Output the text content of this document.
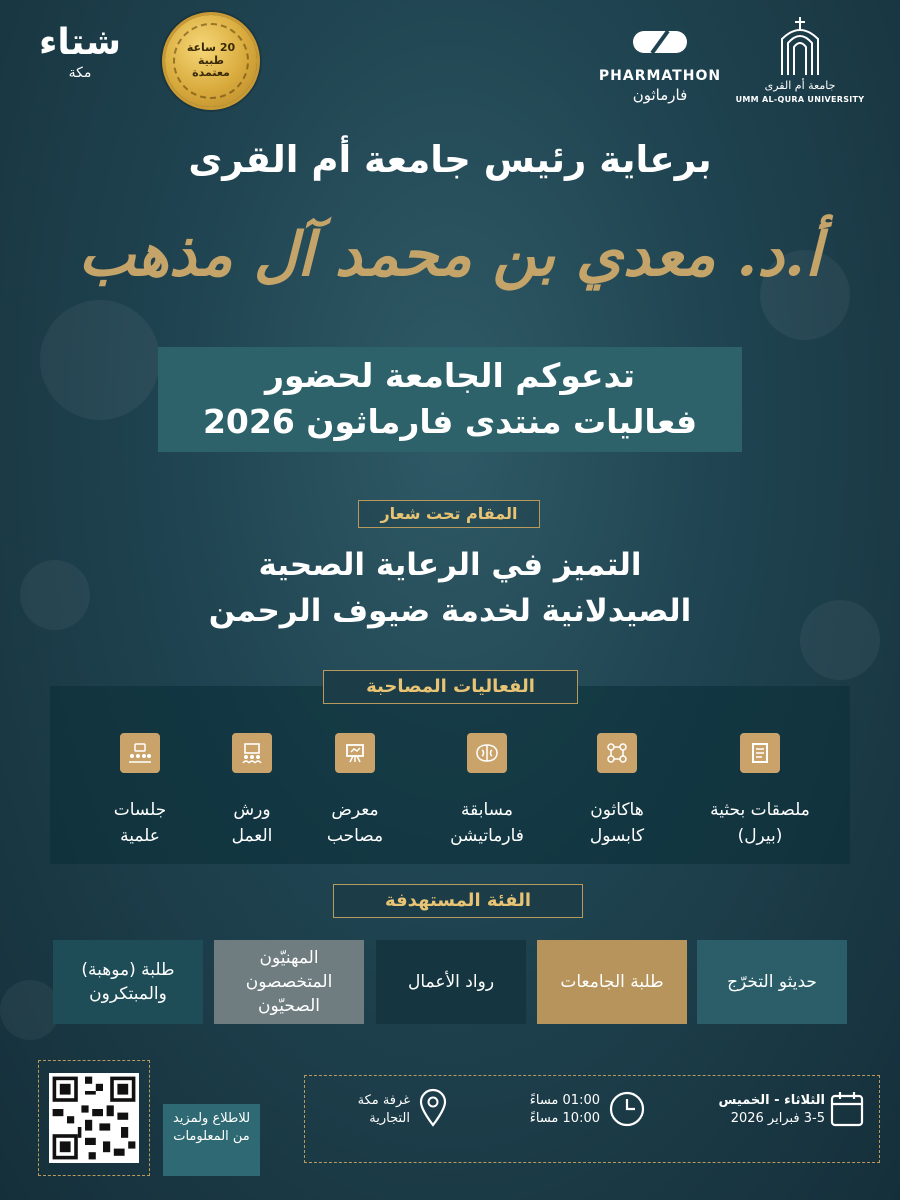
جامعة أم القرى
UMM AL-QURA UNIVERSITY
PHARMATHON
فارماثون
20 ساعة
طبية
معتمدة
شتاء
مكة
برعاية رئيس جامعة أم القرى
أ.د. معدي بن محمد آل مذهب
تدعوكم الجامعة لحضور
فعاليات منتدى فارماثون 2026
المقام تحت شعار
التميز في الرعاية الصحية
الصيدلانية لخدمة ضيوف الرحمن
الفعاليات المصاحبة
ملصقات بحثية
(بيرل)
هاكاثون
كابسول
مسابقة
فارماتيشن
معرض
مصاحب
ورش
العمل
جلسات
علمية
الفئة المستهدفة
حديثو التخرّج
طلبة الجامعات
رواد الأعمال
المهنيّون المتخصصون الصحيّون
طلبة (موهبة) والمبتكرون
للاطلاع ولمزيد من المعلومات
الثلاثاء - الخميس
3-5 فبراير 2026
01:00 مساءً
10:00 مساءً
غرفة مكة
التجارية
